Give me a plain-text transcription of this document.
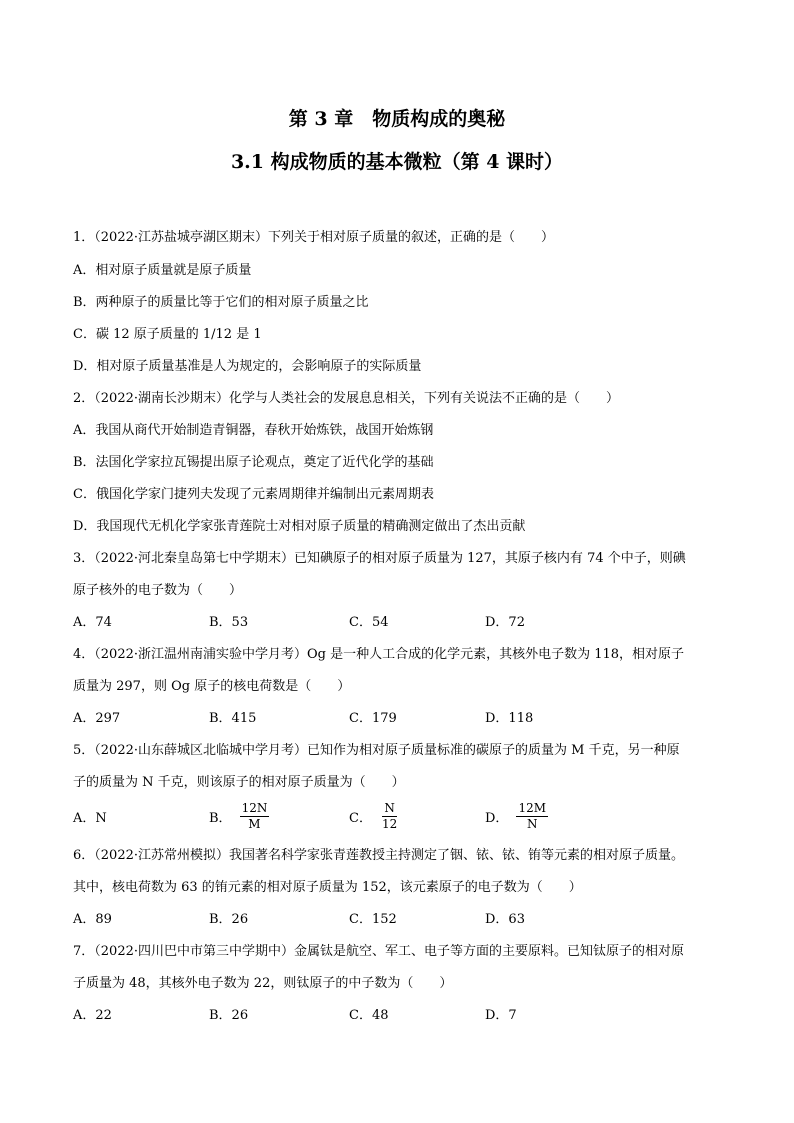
第 3 章　物质构成的奥秘
3.1 构成物质的基本微粒（第 4 课时）
1．（2022·江苏盐城亭湖区期末）下列关于相对原子质量的叙述，正确的是（　　）
A．相对原子质量就是原子质量
B．两种原子的质量比等于它们的相对原子质量之比
C．碳 12 原子质量的 1/12 是 1
D．相对原子质量基准是人为规定的，会影响原子的实际质量
2．（2022·湖南长沙期末）化学与人类社会的发展息息相关，下列有关说法不正确的是（　　）
A．我国从商代开始制造青铜器，春秋开始炼铁，战国开始炼钢
B．法国化学家拉瓦锡提出原子论观点，奠定了近代化学的基础
C．俄国化学家门捷列夫发现了元素周期律并编制出元素周期表
D．我国现代无机化学家张青莲院士对相对原子质量的精确测定做出了杰出贡献
3．（2022·河北秦皇岛第七中学期末）已知碘原子的相对原子质量为 127，其原子核内有 74 个中子，则碘
原子核外的电子数为（　　）
A．74	B．53	C．54	D．72
4．（2022·浙江温州南浦实验中学月考）Og 是一种人工合成的化学元素，其核外电子数为 118，相对原子
质量为 297，则 Og 原子的核电荷数是（　　）
A．297	B．415	C．179	D．118
5．（2022·山东薛城区北临城中学月考）已知作为相对原子质量标准的碳原子的质量为 M 千克，另一种原
子的质量为 N 千克，则该原子的相对原子质量为（　　）
A．N	B． $\frac{12N}{M}$	C． $\frac{N}{12}$	D． $\frac{12M}{N}$
6．（2022·江苏常州模拟）我国著名科学家张青莲教授主持测定了铟、铱、铱、铕等元素的相对原子质量。
其中，核电荷数为 63 的铕元素的相对原子质量为 152，该元素原子的电子数为（　　）
A．89	B．26	C．152	D．63
7．（2022·四川巴中市第三中学期中）金属钛是航空、军工、电子等方面的主要原料。已知钛原子的相对原
子质量为 48，其核外电子数为 22，则钛原子的中子数为（　　）
A．22	B．26	C．48	D．7
